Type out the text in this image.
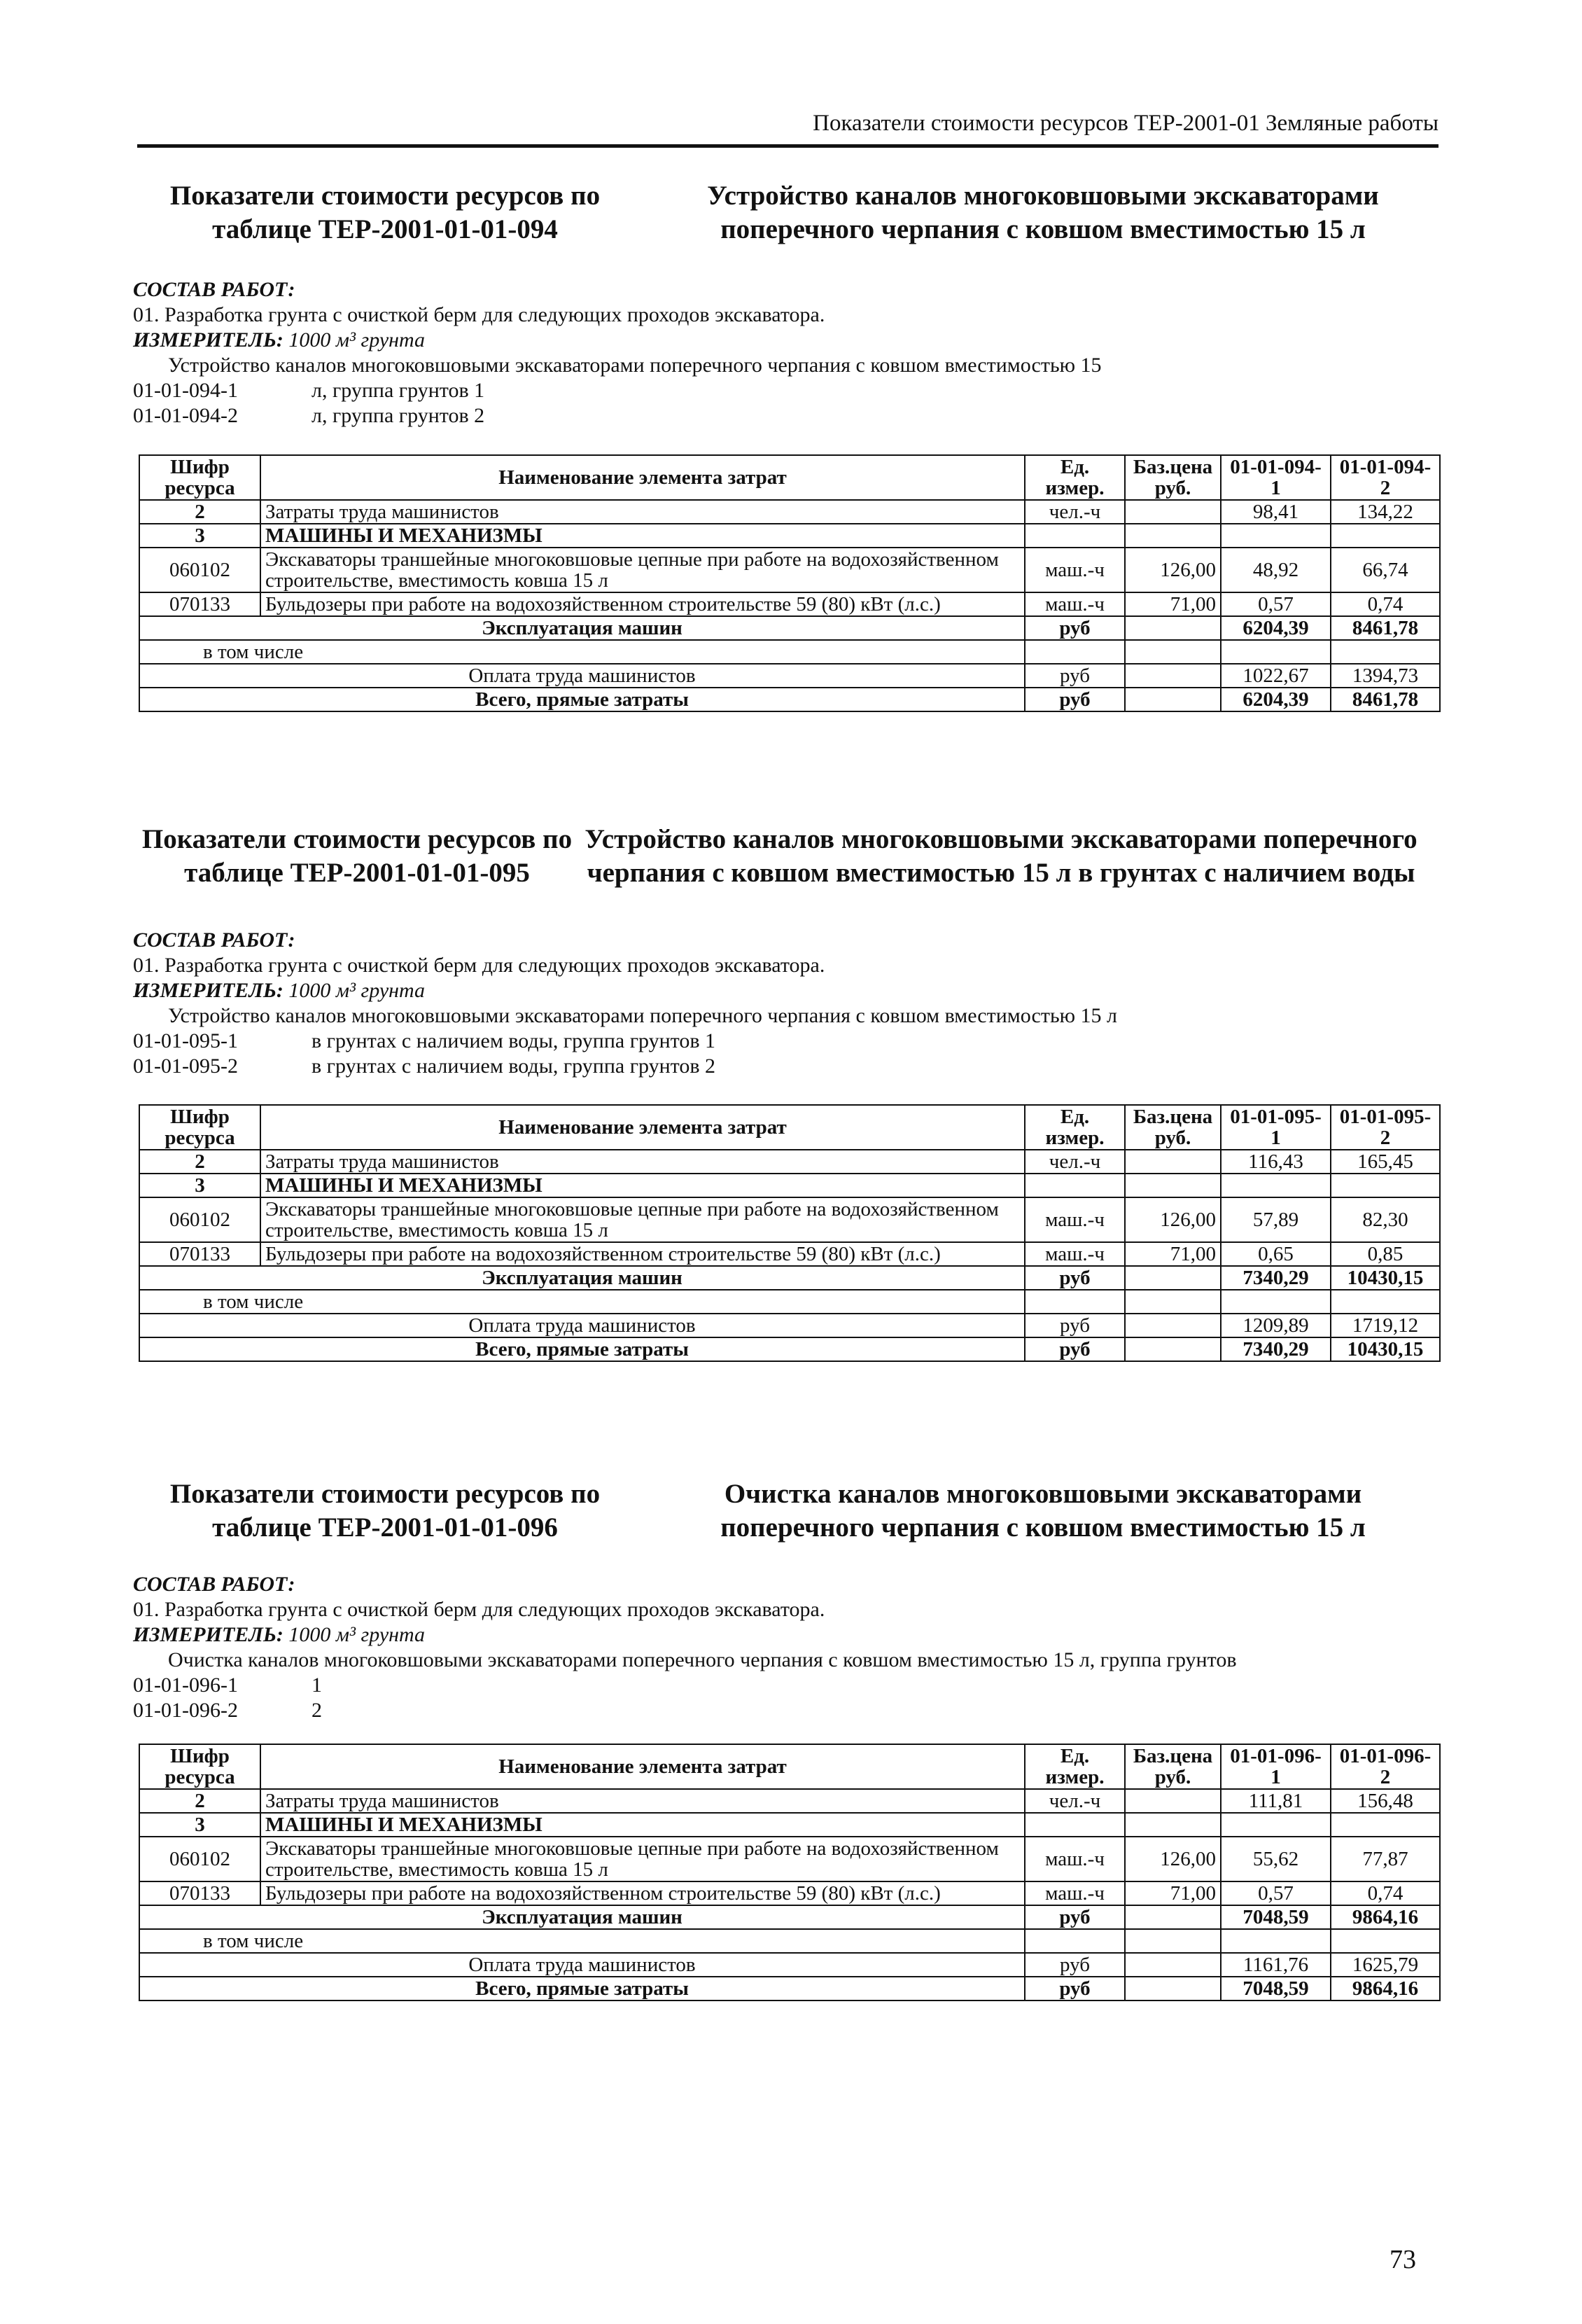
Показатели стоимости ресурсов ТЕР-2001-01 Земляные работы
Показатели стоимости ресурсов по таблице ТЕР-2001-01-01-094
Устройство каналов многоковшовыми экскаваторами поперечного черпания с ковшом вместимостью 15 л
СОСТАВ РАБОТ:
01. Разработка грунта с очисткой берм для следующих проходов экскаватора.
ИЗМЕРИТЕЛЬ: 1000 м³ грунта
Устройство каналов многоковшовыми экскаваторами поперечного черпания с ковшом вместимостью 15
01-01-094-1	л, группа грунтов 1
01-01-094-2	л, группа грунтов 2
Шифр ресурса	Наименование элемента затрат	Ед. измер.	Баз.цена руб.	01-01-094-1	01-01-094-2
2	Затраты труда машинистов	чел.-ч		98,41	134,22
3	МАШИНЫ И МЕХАНИЗМЫ				
060102	Экскаваторы траншейные многоковшовые цепные при работе на водохозяйственном строительстве, вместимость ковша 15 л	маш.-ч	126,00	48,92	66,74
070133	Бульдозеры при работе на водохозяйственном строительстве 59 (80) кВт (л.с.)	маш.-ч	71,00	0,57	0,74
Эксплуатация машин		руб		6204,39	8461,78
в том числе					
Оплата труда машинистов		руб		1022,67	1394,73
Всего, прямые затраты		руб		6204,39	8461,78
Показатели стоимости ресурсов по таблице ТЕР-2001-01-01-095
Устройство каналов многоковшовыми экскаваторами поперечного черпания с ковшом вместимостью 15 л в грунтах с наличием воды
СОСТАВ РАБОТ:
01. Разработка грунта с очисткой берм для следующих проходов экскаватора.
ИЗМЕРИТЕЛЬ: 1000 м³ грунта
Устройство каналов многоковшовыми экскаваторами поперечного черпания с ковшом вместимостью 15 л
01-01-095-1	в грунтах с наличием воды, группа грунтов 1
01-01-095-2	в грунтах с наличием воды, группа грунтов 2
Шифр ресурса	Наименование элемента затрат	Ед. измер.	Баз.цена руб.	01-01-095-1	01-01-095-2
2	Затраты труда машинистов	чел.-ч		116,43	165,45
3	МАШИНЫ И МЕХАНИЗМЫ				
060102	Экскаваторы траншейные многоковшовые цепные при работе на водохозяйственном строительстве, вместимость ковша 15 л	маш.-ч	126,00	57,89	82,30
070133	Бульдозеры при работе на водохозяйственном строительстве 59 (80) кВт (л.с.)	маш.-ч	71,00	0,65	0,85
Эксплуатация машин		руб		7340,29	10430,15
в том числе					
Оплата труда машинистов		руб		1209,89	1719,12
Всего, прямые затраты		руб		7340,29	10430,15
Показатели стоимости ресурсов по таблице ТЕР-2001-01-01-096
Очистка каналов многоковшовыми экскаваторами поперечного черпания с ковшом вместимостью 15 л
СОСТАВ РАБОТ:
01. Разработка грунта с очисткой берм для следующих проходов экскаватора.
ИЗМЕРИТЕЛЬ: 1000 м³ грунта
Очистка каналов многоковшовыми экскаваторами поперечного черпания с ковшом вместимостью 15 л, группа грунтов
01-01-096-1	1
01-01-096-2	2
Шифр ресурса	Наименование элемента затрат	Ед. измер.	Баз.цена руб.	01-01-096-1	01-01-096-2
2	Затраты труда машинистов	чел.-ч		111,81	156,48
3	МАШИНЫ И МЕХАНИЗМЫ				
060102	Экскаваторы траншейные многоковшовые цепные при работе на водохозяйственном строительстве, вместимость ковша 15 л	маш.-ч	126,00	55,62	77,87
070133	Бульдозеры при работе на водохозяйственном строительстве 59 (80) кВт (л.с.)	маш.-ч	71,00	0,57	0,74
Эксплуатация машин		руб		7048,59	9864,16
в том числе					
Оплата труда машинистов		руб		1161,76	1625,79
Всего, прямые затраты		руб		7048,59	9864,16
73
